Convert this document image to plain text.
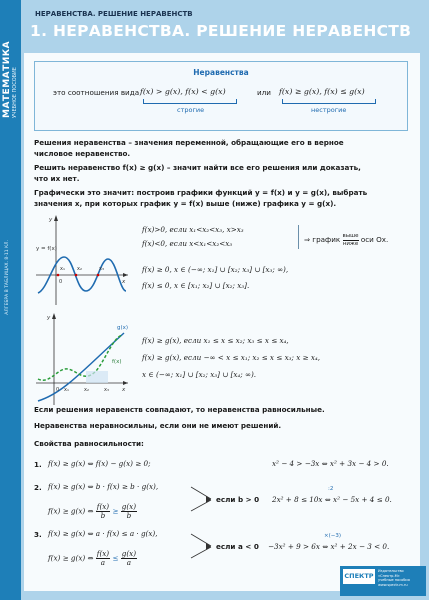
МАТЕМАТИКА УЧЕБНОЕ ПОСОБИЕ
АЛГЕБРА В ТАБЛИЦАХ. 8-11 КЛ.
НЕРАВЕНСТВА. РЕШЕНИЕ НЕРАВЕНСТВ
1. НЕРАВЕНСТВА. РЕШЕНИЕ НЕРАВЕНСТВ
Неравенства
это соотношения вида f(x) > g(x), f(x) < g(x)	или f(x) ≥ g(x), f(x) ≤ g(x)
строгие	нестрогие
Решения неравенства – значения переменной, обращающие его в верное
числовое неравенство.
Решить неравенство f(x) ≥ g(x) – значит найти все его решения или доказать,
что их нет.
Графически это значит: построив графики функций y = f(x) и y = g(x), выбрать
значения x, при которых график y = f(x) выше (ниже) графика y = g(x).
0
x₁ x₂	x₃
x
y
y = f(x)
f(x)>0, если x₁<x₂<x₃, x>x₃
f(x)<0, если x<x₁<x₂<x₃	⇒ график выше
ниже оси Ox.
f(x) ≥ 0, x ∈ (−∞; x₁] ∪ [x₂; x₃] ∪ [x₃; ∞),
f(x) ≤ 0, x ∈ [x₁; x₂] ∪ [x₂; x₃].
g(x)
f(x)
y
x
0 x₁	x₂	x₃
f(x) ≥ g(x), если x₁ ≤ x ≤ x₂; x₃ ≤ x ≤ x₄,
f(x) ≥ g(x), если −∞ < x ≤ x₁; x₂ ≤ x ≤ x₃; x ≥ x₄,
x ∈ (−∞; x₁] ∪ [x₂; x₃] ∪ [x₄; ∞).
Если решения неравенств совпадают, то неравенства равносильные.
Неравенства неравносильны, если они не имеют решений.
Свойства равносильности:
1. f(x) ≥ g(x) ⇔ f(x) − g(x) ≥ 0;	x² − 4 > −3x ⇔ x² + 3x − 4 > 0.
2. f(x) ≥ g(x) ⇔ b · f(x) ≥ b · g(x),
f(x) ≥ g(x) ⇔ $\frac{f(x)}{b} \ge \frac{g(x)}{b}$
если b > 0
:2
2x² + 8 ≤ 10x ⇔ x² − 5x + 4 ≤ 0.
3. f(x) ≥ g(x) ⇔ a · f(x) ≤ a · g(x),
f(x) ≥ g(x) ⇔ $\frac{f(x)}{a} \le \frac{g(x)}{a}$
если a < 0
×(−3)
−3x² + 9 > 6x ⇔ x² + 2x − 3 < 0.
СПЕКТР
Издательство
«Спектр-М»
учебные пособия
www.spectr-m.ru
